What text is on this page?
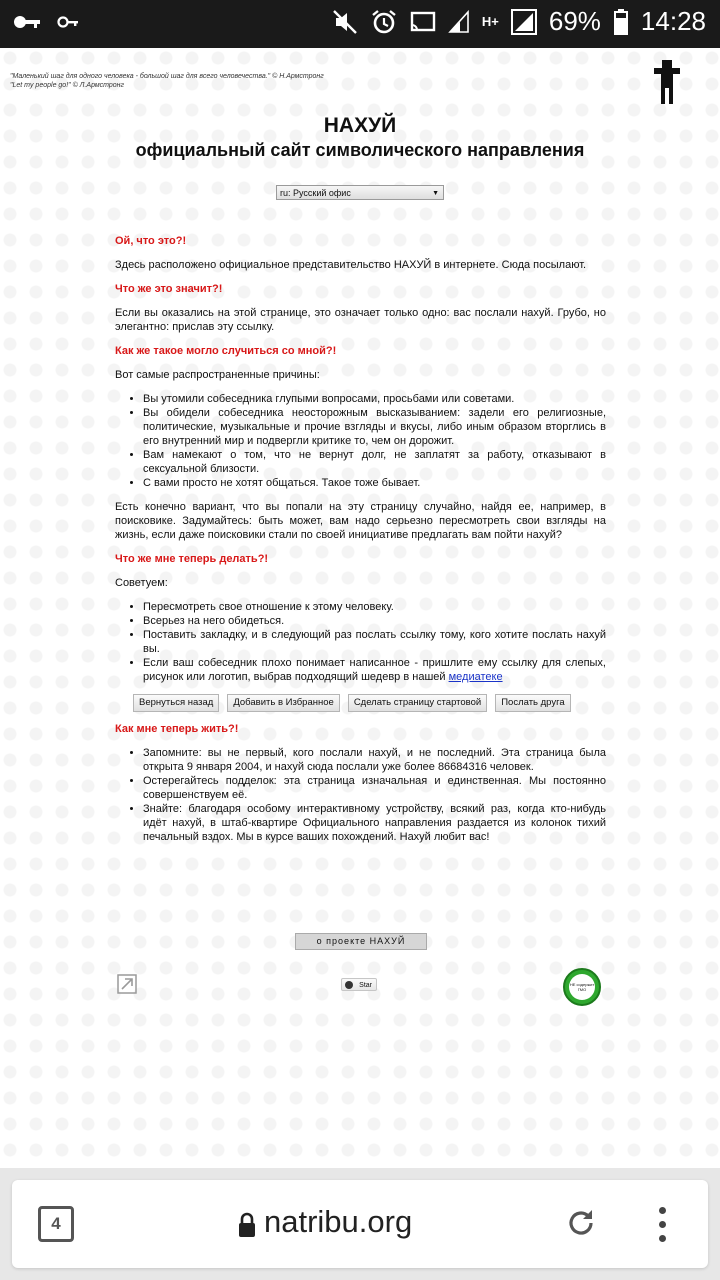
H+ 69% 14:28
"Маленький шаг для одного человека - большой шаг для всего человечества." © Н.Армстронг
"Let my people go!" © Л.Армстронг
НАХУЙ
официальный сайт символического направления
ru: Русский офис	▼
Ой, что это?!

Здесь расположено официальное представительство НАХУЙ в интернете. Сюда посылают.

Что же это значит?!

Если вы оказались на этой странице, это означает только одно: вас послали нахуй. Грубо, но элегантно: прислав эту ссылку.

Как же такое могло случиться со мной?!

Вот самые распространенные причины:

• Вы утомили собеседника глупыми вопросами, просьбами или советами.
• Вы обидели собеседника неосторожным высказыванием: задели его религиозные, политические, музыкальные и прочие взгляды и вкусы, либо иным образом вторглись в его внутренний мир и подвергли критике то, чем он дорожит.
• Вам намекают о том, что не вернут долг, не заплатят за работу, отказывают в сексуальной близости.
• С вами просто не хотят общаться. Такое тоже бывает.

Есть конечно вариант, что вы попали на эту страницу случайно, найдя ее, например, в поисковике. Задумайтесь: быть может, вам надо серьезно пересмотреть свои взгляды на жизнь, если даже поисковики стали по своей инициативе предлагать вам пойти нахуй?

Что же мне теперь делать?!

Советуем:

• Пересмотреть свое отношение к этому человеку.
• Всерьез на него обидеться.
• Поставить закладку, и в следующий раз послать ссылку тому, кого хотите послать нахуй вы.
• Если ваш собеседник плохо понимает написанное - пришлите ему ссылку для слепых, рисунок или логотип, выбрав подходящий шедевр в нашей медиатеке
Вернуться назад	Добавить в Избранное	Сделать страницу стартовой	Послать друга
Как мне теперь жить?!
• Запомните: вы не первый, кого послали нахуй, и не последний. Эта страница была открыта 9 января 2004, и нахуй сюда послали уже более 86684316 человек.
• Остерегайтесь подделок: эта страница изначальная и единственная. Мы постоянно совершенствуем её.
• Знайте: благодаря особому интерактивному устройству, всякий раз, когда кто-нибудь идёт нахуй, в штаб-квартире Официального направления раздается из колонок тихий печальный вздох. Мы в курсе ваших похождений. Нахуй любит вас!
о проекте НАХУЙ
Star	НЕ содержит ГМО
4	natribu.org
